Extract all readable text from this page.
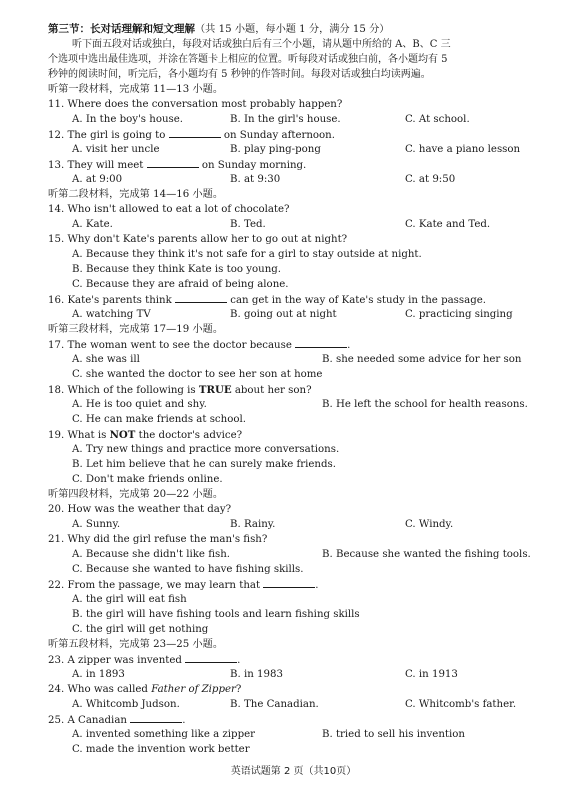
第三节：长对话理解和短文理解（共 15 小题，每小题 1 分，满分 15 分）
听下面五段对话或独白，每段对话或独白后有三个小题，请从题中所给的 A、B、C 三
个选项中选出最佳选项，并涂在答题卡上相应的位置。听每段对话或独白前，各小题均有 5
秒钟的阅读时间，听完后，各小题均有 5 秒钟的作答时间。每段对话或独白均读两遍。
听第一段材料，完成第 11—13 小题。
11. Where does the conversation most probably happen?
A. In the boy's house.	B. In the girl's house.	C. At school.
12. The girl is going to	on Sunday afternoon.
A. visit her uncle	B. play ping-pong	C. have a piano lesson
13. They will meet	on Sunday morning.
A. at 9:00	B. at 9:30	C. at 9:50
听第二段材料，完成第 14—16 小题。
14. Who isn't allowed to eat a lot of chocolate?
A. Kate.	B. Ted.	C. Kate and Ted.
15. Why don't Kate's parents allow her to go out at night?
A. Because they think it's not safe for a girl to stay outside at night.
B. Because they think Kate is too young.
C. Because they are afraid of being alone.
16. Kate's parents think	can get in the way of Kate's study in the passage.
A. watching TV	B. going out at night	C. practicing singing
听第三段材料，完成第 17—19 小题。
17. The woman went to see the doctor because	.
A. she was ill	B. she needed some advice for her son
C. she wanted the doctor to see her son at home
18. Which of the following is TRUE about her son?
A. He is too quiet and shy.	B. He left the school for health reasons.
C. He can make friends at school.
19. What is NOT the doctor's advice?
A. Try new things and practice more conversations.
B. Let him believe that he can surely make friends.
C. Don't make friends online.
听第四段材料，完成第 20—22 小题。
20. How was the weather that day?
A. Sunny.	B. Rainy.	C. Windy.
21. Why did the girl refuse the man's fish?
A. Because she didn't like fish.	B. Because she wanted the fishing tools.
C. Because she wanted to have fishing skills.
22. From the passage, we may learn that	.
A. the girl will eat fish
B. the girl will have fishing tools and learn fishing skills
C. the girl will get nothing
听第五段材料，完成第 23—25 小题。
23. A zipper was invented	.
A. in 1893	B. in 1983	C. in 1913
24. Who was called Father of Zipper?
A. Whitcomb Judson.	B. The Canadian.	C. Whitcomb's father.
25. A Canadian	.
A. invented something like a zipper	B. tried to sell his invention
C. made the invention work better
英语试题第 2 页（共10页）
